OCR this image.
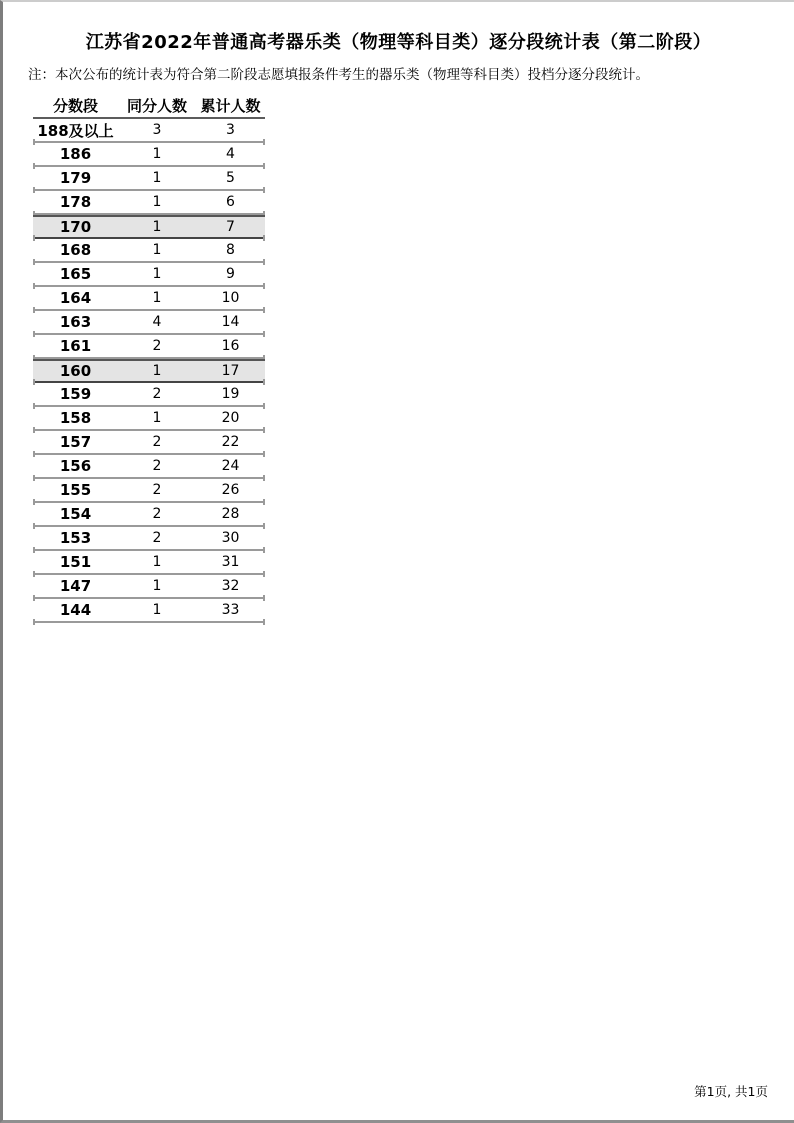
江苏省2022年普通高考器乐类（物理等科目类）逐分段统计表（第二阶段）
注：本次公布的统计表为符合第二阶段志愿填报条件考生的器乐类（物理等科目类）投档分逐分段统计。
分数段	同分人数 累计人数
188及以上	3	3
186	1	4
179	1	5
178	1	6
170	1	7
168	1	8
165	1	9
164	1	10
163	4	14
161	2	16
160	1	17
159	2	19
158	1	20
157	2	22
156	2	24
155	2	26
154	2	28
153	2	30
151	1	31
147	1	32
144	1	33
第1页, 共1页
